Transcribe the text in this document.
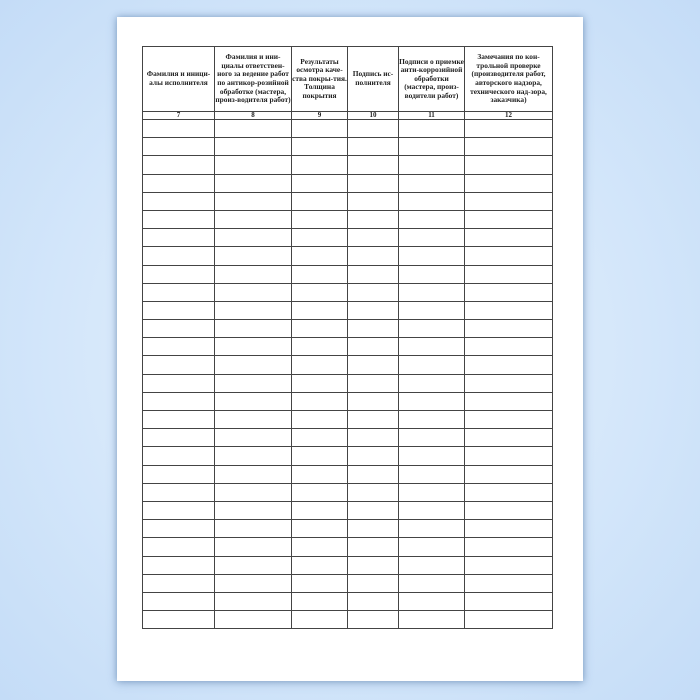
Фамилия и иници-алы исполнителя	Фамилия и ини-циалы ответствен-ного за ведение работ по антикор-розийной обработке (мастера, произ-водителя работ)	Результаты осмотра каче-ства покры-тия. Толщина покрытия	Подпись ис-полнителя	Подписи о приемке анти-коррозийной обработки (мастера, произ-водители работ)	Замечания по кон-трольной проверке (производителя работ, авторского надзора, технического над-зора, заказчика)
7	8	9	10	11	12
